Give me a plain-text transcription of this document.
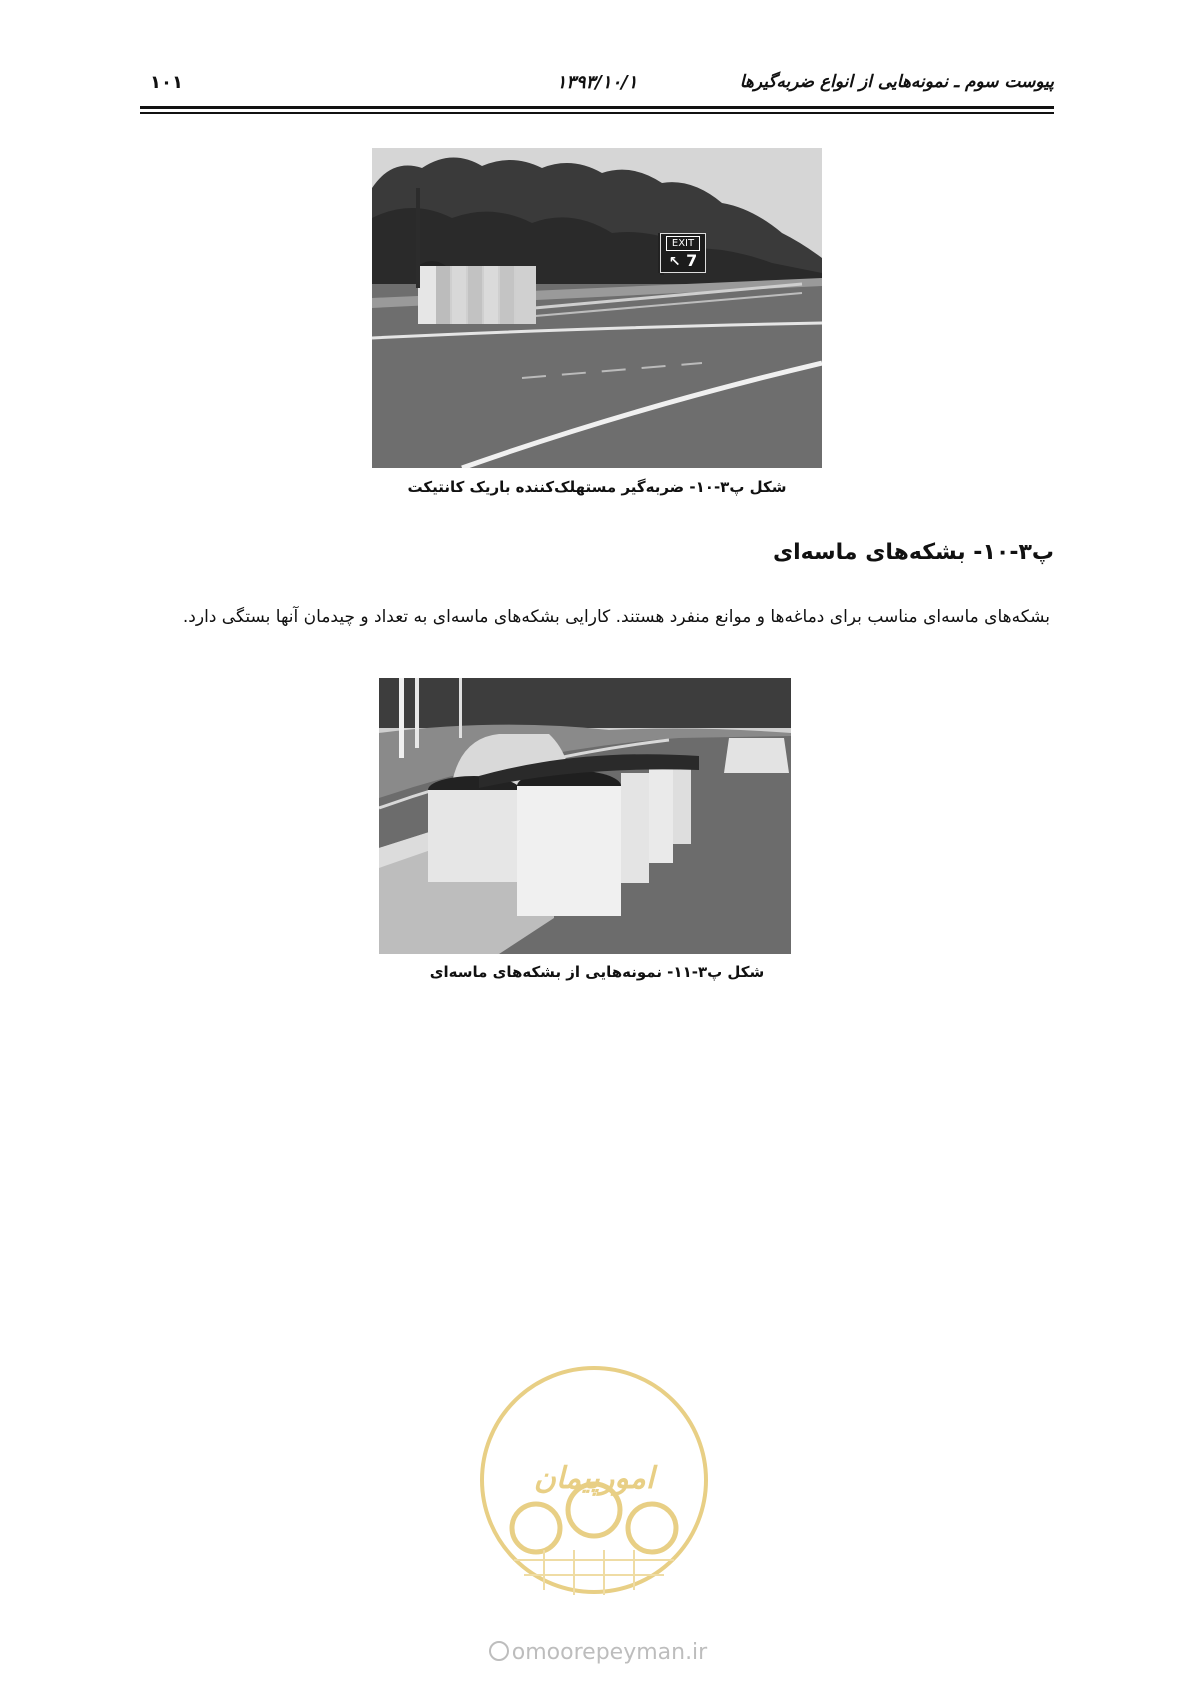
۱۰۱	۱۳۹۳/۱۰/۱	پیوست سوم ـ نمونه‌هایی از انواع ضربه‌گیرها
EXIT
↖ 7
شکل پ۳-۱۰- ضربه‌گیر مستهلک‌کننده باریک کانتیکت
پ۳-۱۰- بشکه‌های ماسه‌ای
بشکه‌های ماسه‌ای مناسب برای دماغه‌ها و موانع منفرد هستند. کارایی بشکه‌های ماسه‌ای به تعداد و چیدمان آنها بستگی دارد.
شکل پ۳-۱۱- نمونه‌هایی از بشکه‌های ماسه‌ای
امورپیمان
omoorepeyman.ir
